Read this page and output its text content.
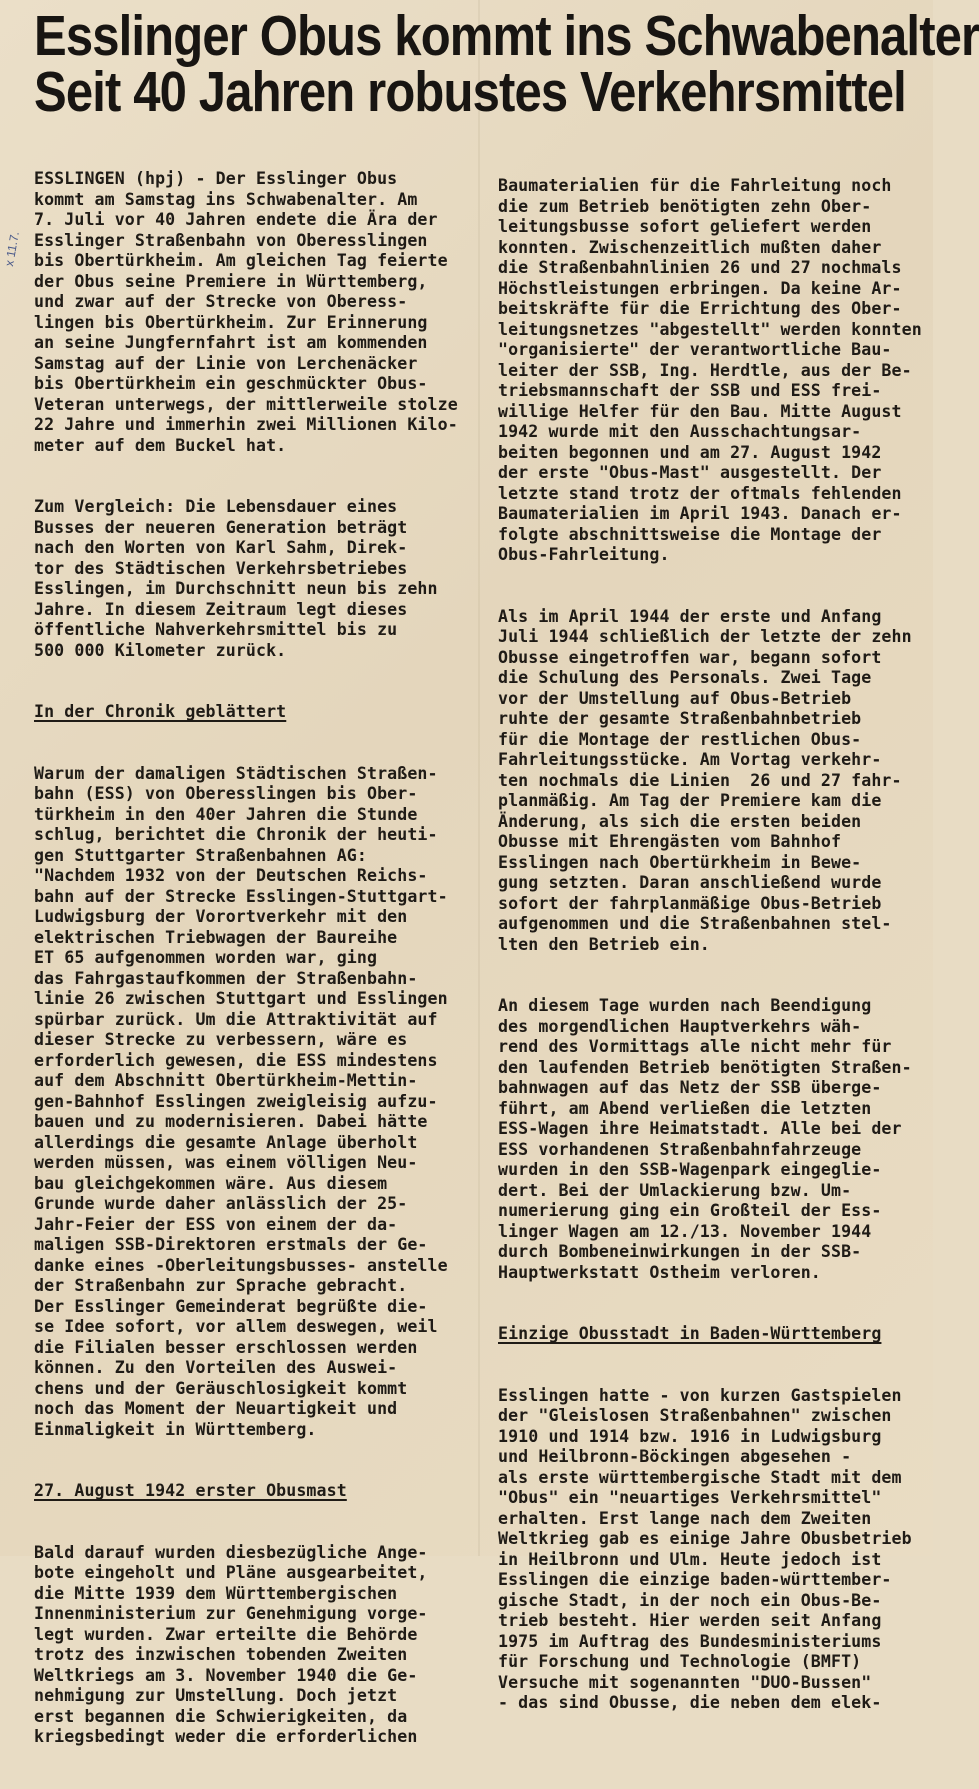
Esslinger Obus kommt ins Schwabenalter
Seit 40 Jahren robustes Verkehrsmittel
x 11.7.

ESSLINGEN (hpj) - Der Esslinger Obus
kommt am Samstag ins Schwabenalter. Am
7. Juli vor 40 Jahren endete die Ära der
Esslinger Straßenbahn von Oberesslingen
bis Obertürkheim. Am gleichen Tag feierte
der Obus seine Premiere in Württemberg,
und zwar auf der Strecke von Oberess-
lingen bis Obertürkheim. Zur Erinnerung
an seine Jungfernfahrt ist am kommenden
Samstag auf der Linie von Lerchenäcker
bis Obertürkheim ein geschmückter Obus-
Veteran unterwegs, der mittlerweile stolze
22 Jahre und immerhin zwei Millionen Kilo-
meter auf dem Buckel hat.

Zum Vergleich: Die Lebensdauer eines
Busses der neueren Generation beträgt
nach den Worten von Karl Sahm, Direk-
tor des Städtischen Verkehrsbetriebes
Esslingen, im Durchschnitt neun bis zehn
Jahre. In diesem Zeitraum legt dieses
öffentliche Nahverkehrsmittel bis zu
500 000 Kilometer zurück.

In der Chronik geblättert

Warum der damaligen Städtischen Straßen-
bahn (ESS) von Oberesslingen bis Ober-
türkheim in den 40er Jahren die Stunde
schlug, berichtet die Chronik der heuti-
gen Stuttgarter Straßenbahnen AG:
"Nachdem 1932 von der Deutschen Reichs-
bahn auf der Strecke Esslingen-Stuttgart-
Ludwigsburg der Vorortverkehr mit den
elektrischen Triebwagen der Baureihe
ET 65 aufgenommen worden war, ging
das Fahrgastaufkommen der Straßenbahn-
linie 26 zwischen Stuttgart und Esslingen
spürbar zurück. Um die Attraktivität auf
dieser Strecke zu verbessern, wäre es
erforderlich gewesen, die ESS mindestens
auf dem Abschnitt Obertürkheim-Mettin-
gen-Bahnhof Esslingen zweigleisig aufzu-
bauen und zu modernisieren. Dabei hätte
allerdings die gesamte Anlage überholt
werden müssen, was einem völligen Neu-
bau gleichgekommen wäre. Aus diesem
Grunde wurde daher anlässlich der 25-
Jahr-Feier der ESS von einem der da-
maligen SSB-Direktoren erstmals der Ge-
danke eines -Oberleitungsbusses- anstelle
der Straßenbahn zur Sprache gebracht.
Der Esslinger Gemeinderat begrüßte die-
se Idee sofort, vor allem deswegen, weil
die Filialen besser erschlossen werden
können. Zu den Vorteilen des Auswei-
chens und der Geräuschlosigkeit kommt
noch das Moment der Neuartigkeit und
Einmaligkeit in Württemberg.

27. August 1942 erster Obusmast

Bald darauf wurden diesbezügliche Ange-
bote eingeholt und Pläne ausgearbeitet,
die Mitte 1939 dem Württembergischen
Innenministerium zur Genehmigung vorge-
legt wurden. Zwar erteilte die Behörde
trotz des inzwischen tobenden Zweiten
Weltkriegs am 3. November 1940 die Ge-
nehmigung zur Umstellung. Doch jetzt
erst begannen die Schwierigkeiten, da
kriegsbedingt weder die erforderlichen

Baumaterialien für die Fahrleitung noch
die zum Betrieb benötigten zehn Ober-
leitungsbusse sofort geliefert werden
konnten. Zwischenzeitlich mußten daher
die Straßenbahnlinien 26 und 27 nochmals
Höchstleistungen erbringen. Da keine Ar-
beitskräfte für die Errichtung des Ober-
leitungsnetzes "abgestellt" werden konnten
"organisierte" der verantwortliche Bau-
leiter der SSB, Ing. Herdtle, aus der Be-
triebsmannschaft der SSB und ESS frei-
willige Helfer für den Bau. Mitte August
1942 wurde mit den Ausschachtungsar-
beiten begonnen und am 27. August 1942
der erste "Obus-Mast" ausgestellt. Der
letzte stand trotz der oftmals fehlenden
Baumaterialien im April 1943. Danach er-
folgte abschnittsweise die Montage der
Obus-Fahrleitung.

Als im April 1944 der erste und Anfang
Juli 1944 schließlich der letzte der zehn
Obusse eingetroffen war, begann sofort
die Schulung des Personals. Zwei Tage
vor der Umstellung auf Obus-Betrieb
ruhte der gesamte Straßenbahnbetrieb
für die Montage der restlichen Obus-
Fahrleitungsstücke. Am Vortag verkehr-
ten nochmals die Linien  26 und 27 fahr-
planmäßig. Am Tag der Premiere kam die
Änderung, als sich die ersten beiden
Obusse mit Ehrengästen vom Bahnhof
Esslingen nach Obertürkheim in Bewe-
gung setzten. Daran anschließend wurde
sofort der fahrplanmäßige Obus-Betrieb
aufgenommen und die Straßenbahnen stel-
lten den Betrieb ein.

An diesem Tage wurden nach Beendigung
des morgendlichen Hauptverkehrs wäh-
rend des Vormittags alle nicht mehr für
den laufenden Betrieb benötigten Straßen-
bahnwagen auf das Netz der SSB überge-
führt, am Abend verließen die letzten
ESS-Wagen ihre Heimatstadt. Alle bei der
ESS vorhandenen Straßenbahnfahrzeuge
wurden in den SSB-Wagenpark eingeglie-
dert. Bei der Umlackierung bzw. Um-
numerierung ging ein Großteil der Ess-
linger Wagen am 12./13. November 1944
durch Bombeneinwirkungen in der SSB-
Hauptwerkstatt Ostheim verloren.

Einzige Obusstadt in Baden-Württemberg

Esslingen hatte - von kurzen Gastspielen
der "Gleislosen Straßenbahnen" zwischen
1910 und 1914 bzw. 1916 in Ludwigsburg
und Heilbronn-Böckingen abgesehen -
als erste württembergische Stadt mit dem
"Obus" ein "neuartiges Verkehrsmittel"
erhalten. Erst lange nach dem Zweiten
Weltkrieg gab es einige Jahre Obusbetrieb
in Heilbronn und Ulm. Heute jedoch ist
Esslingen die einzige baden-württember-
gische Stadt, in der noch ein Obus-Be-
trieb besteht. Hier werden seit Anfang
1975 im Auftrag des Bundesministeriums
für Forschung und Technologie (BMFT)
Versuche mit sogenannten "DUO-Bussen"
- das sind Obusse, die neben dem elek-
